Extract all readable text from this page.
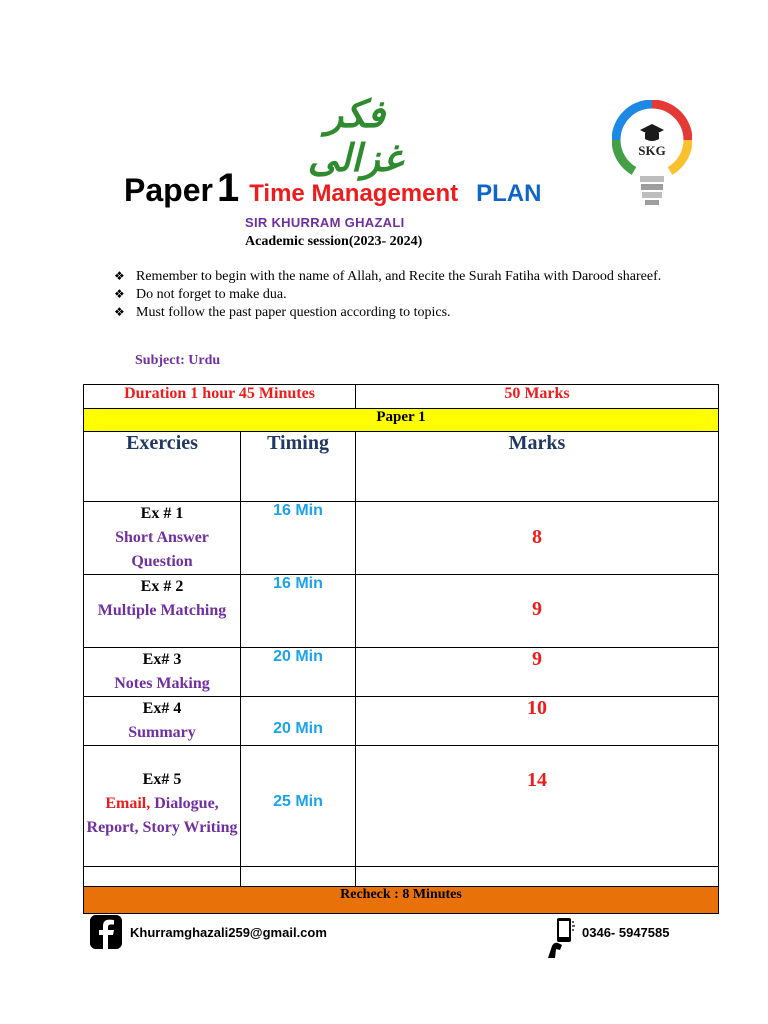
فکر غزالی	SKG
Paper 1 Time Management PLAN
SIR KHURRAM GHAZALI
Academic session(2023- 2024)
❖ Remember to begin with the name of Allah, and Recite the Surah Fatiha with Darood shareef.
❖ Do not forget to make dua.
❖ Must follow the past paper question according to topics.
Subject: Urdu
Duration 1 hour 45 Minutes		50 Marks
Paper 1		
Exercies	Timing	Marks

Ex # 1
Short Answer Question	16 Min	8

Ex # 2
Multiple Matching	16 Min	9

Ex# 3
Notes Making	20 Min	9

Ex# 4
Summary	20 Min	10

Ex# 5
Email, Dialogue, Report, Story Writing	25 Min	14

Recheck : 8 Minutes		
Khurramghazali259@gmail.com	0346- 5947585
